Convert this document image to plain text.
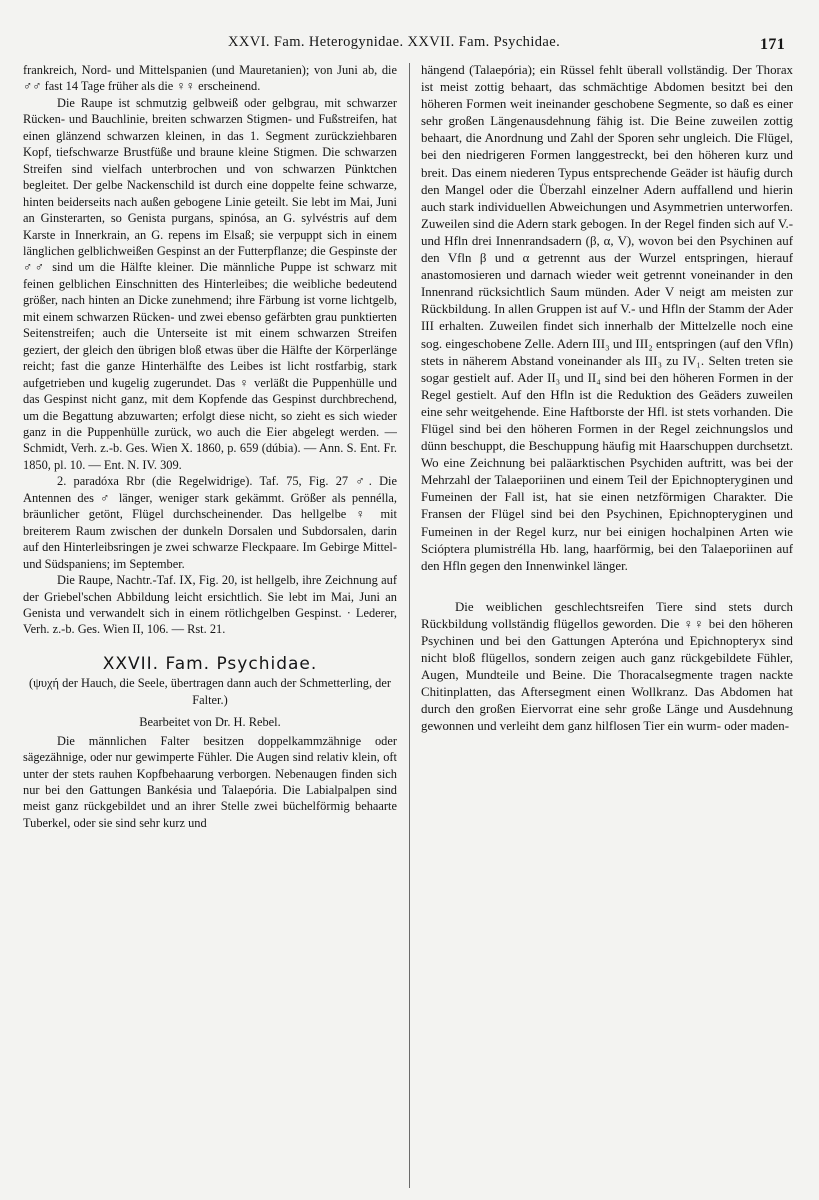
XXVI. Fam. Heterogynidae. XXVII. Fam. Psychidae.	171

frankreich, Nord- und Mittelspanien (und Mauretanien); von Juni ab, die ♂♂ fast 14 Tage früher als die ♀♀ erscheinend.

Die Raupe ist schmutzig gelbweiß oder gelbgrau, mit schwarzer Rücken- und Bauchlinie, breiten schwarzen Stigmen- und Fußstreifen, hat einen glänzend schwarzen kleinen, in das 1. Segment zurückziehbaren Kopf, tiefschwarze Brustfüße und braune kleine Stigmen. Die schwarzen Streifen sind vielfach unterbrochen und von schwarzen Pünktchen begleitet. Der gelbe Nackenschild ist durch eine doppelte feine schwarze, hinten beiderseits nach außen gebogene Linie geteilt. Sie lebt im Mai, Juni an Ginsterarten, so Genista purgans, spinósa, an G. sylvéstris auf dem Karste in Innerkrain, an G. repens im Elsaß; sie verpuppt sich in einem länglichen gelblichweißen Gespinst an der Futterpflanze; die Gespinste der ♂♂ sind um die Hälfte kleiner. Die männliche Puppe ist schwarz mit feinen gelblichen Einschnitten des Hinterleibes; die weibliche bedeutend größer, nach hinten an Dicke zunehmend; ihre Färbung ist vorne lichtgelb, mit einem schwarzen Rücken- und zwei ebenso gefärbten grau punktierten Seitenstreifen; auch die Unterseite ist mit einem schwarzen Streifen geziert, der gleich den übrigen bloß etwas über die Hälfte der Körperlänge reicht; fast die ganze Hinterhälfte des Leibes ist licht rostfarbig, stark aufgetrieben und kugelig zugerundet. Das ♀ verläßt die Puppenhülle und das Gespinst nicht ganz, mit dem Kopfende das Gespinst durchbrechend, um die Begattung abzuwarten; erfolgt diese nicht, so zieht es sich wieder ganz in die Puppenhülle zurück, wo auch die Eier abgelegt werden. — Schmidt, Verh. z.-b. Ges. Wien X. 1860, p. 659 (dúbia). — Ann. S. Ent. Fr. 1850, pl. 10. — Ent. N. IV. 309.

2. paradóxa Rbr (die Regelwidrige). Taf. 75, Fig. 27 ♂. Die Antennen des ♂ länger, weniger stark gekämmt. Größer als pennélla, bräunlicher getönt, Flügel durchscheinender. Das hellgelbe ♀ mit breiterem Raum zwischen der dunkeln Dorsalen und Subdorsalen, darin auf den Hinterleibsringen je zwei schwarze Fleckpaare. Im Gebirge Mittel- und Südspaniens; im September.

Die Raupe, Nachtr.-Taf. IX, Fig. 20, ist hellgelb, ihre Zeichnung auf der Griebel'schen Abbildung leicht ersichtlich. Sie lebt im Mai, Juni an Genista und verwandelt sich in einem rötlichgelben Gespinst. · Lederer, Verh. z.-b. Ges. Wien II, 106. — Rst. 21.

XXVII. Fam. Psychidae.
(ψυχή der Hauch, die Seele, übertragen dann auch der Schmetterling, der Falter.)
Bearbeitet von Dr. H. Rebel.

Die männlichen Falter besitzen doppelkammzähnige oder sägezähnige, oder nur gewimperte Fühler. Die Augen sind relativ klein, oft unter der stets rauhen Kopfbehaarung verborgen. Nebenaugen finden sich nur bei den Gattungen Bankésia und Talaepória. Die Labialpalpen sind meist ganz rückgebildet und an ihrer Stelle zwei büchelförmig behaarte Tuberkel, oder sie sind sehr kurz und

hängend (Talaepória); ein Rüssel fehlt überall vollständig. Der Thorax ist meist zottig behaart, das schmächtige Abdomen besitzt bei den höheren Formen weit ineinander geschobene Segmente, so daß es einer sehr großen Längenausdehnung fähig ist. Die Beine zuweilen zottig behaart, die Anordnung und Zahl der Sporen sehr ungleich. Die Flügel, bei den niedrigeren Formen langgestreckt, bei den höheren kurz und breit. Das einem niederen Typus entsprechende Geäder ist häufig durch den Mangel oder die Überzahl einzelner Adern auffallend und hierin auch stark individuellen Abweichungen und Asymmetrien unterworfen. Zuweilen sind die Adern stark gebogen. In der Regel finden sich auf V.- und Hfln drei Innenrandsadern (β, α, V), wovon bei den Psychinen auf den Vfln β und α getrennt aus der Wurzel entspringen, hierauf anastomosieren und darnach wieder weit getrennt voneinander in den Innenrand rücksichtlich Saum münden. Ader V neigt am meisten zur Rückbildung. In allen Gruppen ist auf V.- und Hfln der Stamm der Ader III erhalten. Zuweilen findet sich innerhalb der Mittelzelle noch eine sog. eingeschobene Zelle. Adern III₃ und III₂ entspringen (auf den Vfln) stets in näherem Abstand voneinander als III₃ zu IV₁. Selten treten sie sogar gestielt auf. Ader II₃ und II₄ sind bei den höheren Formen in der Regel gestielt. Auf den Hfln ist die Reduktion des Geäders zuweilen eine sehr weitgehende. Eine Haftborste der Hfl. ist stets vorhanden. Die Flügel sind bei den höheren Formen in der Regel zeichnungslos und dünn beschuppt, die Beschuppung häufig mit Haarschuppen durchsetzt. Wo eine Zeichnung bei paläarktischen Psychiden auftritt, was bei der Mehrzahl der Talaeporiinen und einem Teil der Epichnopteryginen und Fumeinen der Fall ist, hat sie einen netzförmigen Charakter. Die Fransen der Flügel sind bei den Psychinen, Epichnopteryginen und Fumeinen in der Regel kurz, nur bei einigen hochalpinen Arten wie Scióptera plumistrélla Hb. lang, haarförmig, bei den Talaeporiinen auf den Hfln gegen den Innenwinkel länger.

Die weiblichen geschlechtsreifen Tiere sind stets durch Rückbildung vollständig flügellos geworden. Die ♀♀ bei den höheren Psychinen und bei den Gattungen Apteróna und Epichnopteryx sind nicht bloß flügellos, sondern zeigen auch ganz rückgebildete Fühler, Augen, Mundteile und Beine. Die Thoracalsegmente tragen nackte Chitinplatten, das Aftersegment einen Wollkranz. Das Abdomen hat durch den großen Eiervorrat eine sehr große Länge und Ausdehnung gewonnen und verleiht dem ganz hilflosen Tier ein wurm- oder maden-
